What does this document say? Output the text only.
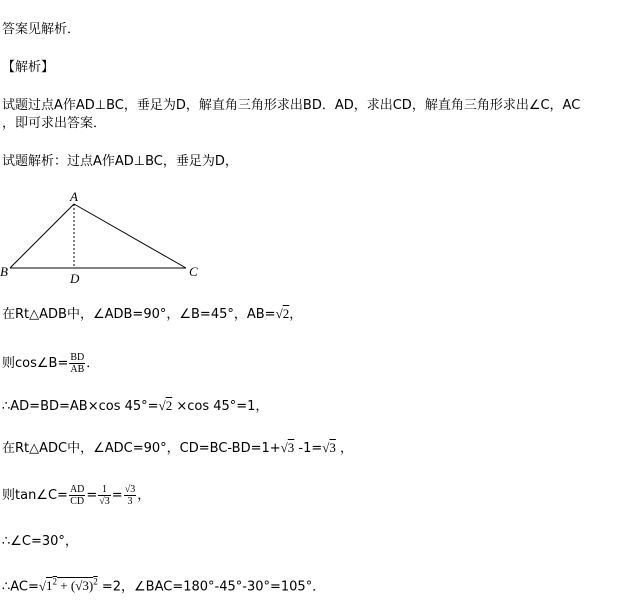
答案见解析．
【解析】
试题过点A作AD⊥BC，垂足为D，解直角三角形求出BD．AD，求出CD，解直角三角形求出∠C，AC
，即可求出答案．
试题解析：过点A作AD⊥BC，垂足为D，
A
B	C
D
在Rt△ADB中，∠ADB=90°，∠B=45°，AB=√2，
则cos∠B= $\frac{BD}{AB}$ ．
∴AD=BD=AB×cos 45°=√2 ×cos 45°=1，
在Rt△ADC中，∠ADC=90°，CD=BC-BD=1+√3 -1=√3 ，
则tan∠C= $\frac{AD}{CD} = \frac{1}{√3} = \frac{√3}{3}$ ，
∴∠C=30°，
$\therefore AC=√1^2 + (√3)^2 =2$，∠BAC=180°-45°-30°=105°．
